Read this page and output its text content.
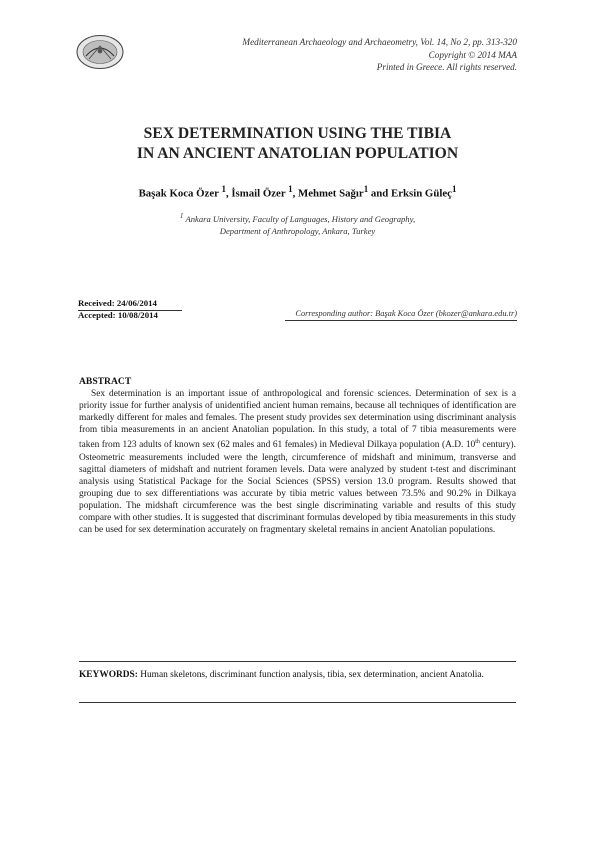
Mediterranean Archaeology and Archaeometry, Vol. 14, No 2, pp. 313-320
Copyright © 2014 MAA
Printed in Greece. All rights reserved.
SEX DETERMINATION USING THE TIBIA
IN AN ANCIENT ANATOLIAN POPULATION
Başak Koca Özer $^1$, İsmail Özer $^1$, Mehmet Sağır$^1$ and Erksin Güleç$^1$
$^1$ Ankara University, Faculty of Languages, History and Geography,
Department of Anthropology, Ankara, Turkey
Received: 24/06/2014
Accepted: 10/08/2014	Corresponding author: Başak Koca Özer (bkozer@ankara.edu.tr)
ABSTRACT

Sex determination is an important issue of anthropological and forensic sciences. Determination of sex is a priority issue for further analysis of unidentified ancient human remains, because all techniques of identification are markedly different for males and females. The present study provides sex determination using discriminant analysis from tibia measurements in an ancient Anatolian population. In this study, a total of 7 tibia measurements were taken from 123 adults of known sex (62 males and 61 females) in Medieval Dilkaya population (A.D. 10th century). Osteometric measurements included were the length, circumference of midshaft and minimum, transverse and sagittal diameters of midshaft and nutrient foramen levels. Data were analyzed by student t-test and discriminant analysis using Statistical Package for the Social Sciences (SPSS) version 13.0 program. Results showed that grouping due to sex differentiations was accurate by tibia metric values between 73.5% and 90.2% in Dilkaya population. The midshaft circumference was the best single discriminating variable and results of this study compare with other studies. It is suggested that discriminant formulas developed by tibia measurements in this study can be used for sex determination accurately on fragmentary skeletal remains in ancient Anatolian populations.

KEYWORDS: Human skeletons, discriminant function analysis, tibia, sex determination, ancient Anatolia.
